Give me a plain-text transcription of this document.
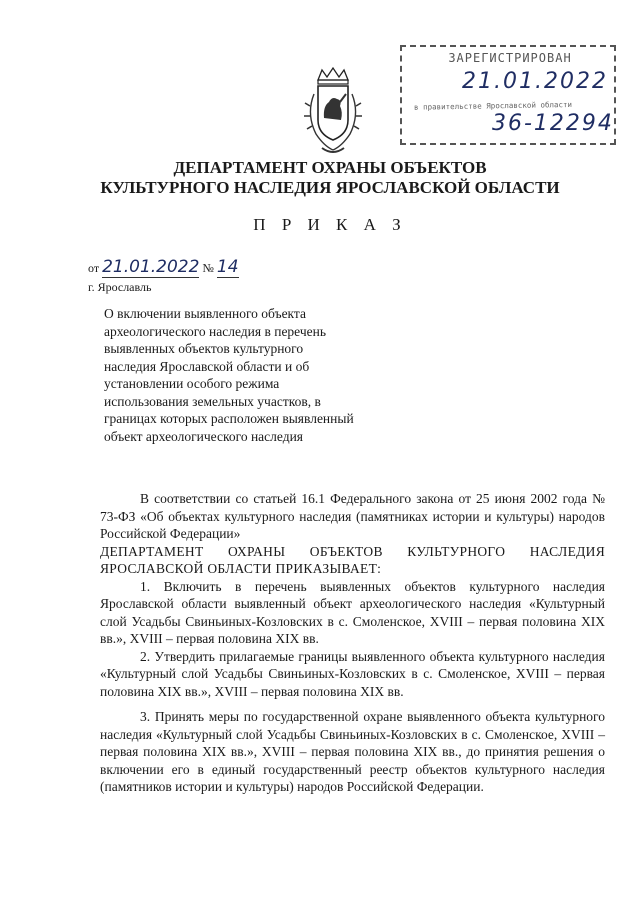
ЗАРЕГИСТРИРОВАН
21.01.2022
в правительстве Ярославской области
36-12294
ДЕПАРТАМЕНТ ОХРАНЫ ОБЪЕКТОВ
КУЛЬТУРНОГО НАСЛЕДИЯ ЯРОСЛАВСКОЙ ОБЛАСТИ
П Р И К А З
от 21.01.2022 № 14
г. Ярославль
О включении выявленного объекта археологического наследия в перечень выявленных объектов культурного наследия Ярославской области и об установлении особого режима использования земельных участков, в границах которых расположен выявленный объект археологического наследия

В соответствии со статьей 16.1 Федерального закона от 25 июня 2002 года № 73-ФЗ «Об объектах культурного наследия (памятниках истории и культуры) народов Российской Федерации»

ДЕПАРТАМЕНТ ОХРАНЫ ОБЪЕКТОВ КУЛЬТУРНОГО НАСЛЕДИЯ ЯРОСЛАВСКОЙ ОБЛАСТИ ПРИКАЗЫВАЕТ:

1. Включить в перечень выявленных объектов культурного наследия Ярославской области выявленный объект археологического наследия «Культурный слой Усадьбы Свиньиных-Козловских в с. Смоленское, XVIII – первая половина XIX вв.», XVIII – первая половина XIX вв.

2. Утвердить прилагаемые границы выявленного объекта культурного наследия «Культурный слой Усадьбы Свиньиных-Козловских в с. Смоленское, XVIII – первая половина XIX вв.», XVIII – первая половина XIX вв.

3. Принять меры по государственной охране выявленного объекта культурного наследия «Культурный слой Усадьбы Свиньиных-Козловских в с. Смоленское, XVIII – первая половина XIX вв.», XVIII – первая половина XIX вв., до принятия решения о включении его в единый государственный реестр объектов культурного наследия (памятников истории и культуры) народов Российской Федерации.
